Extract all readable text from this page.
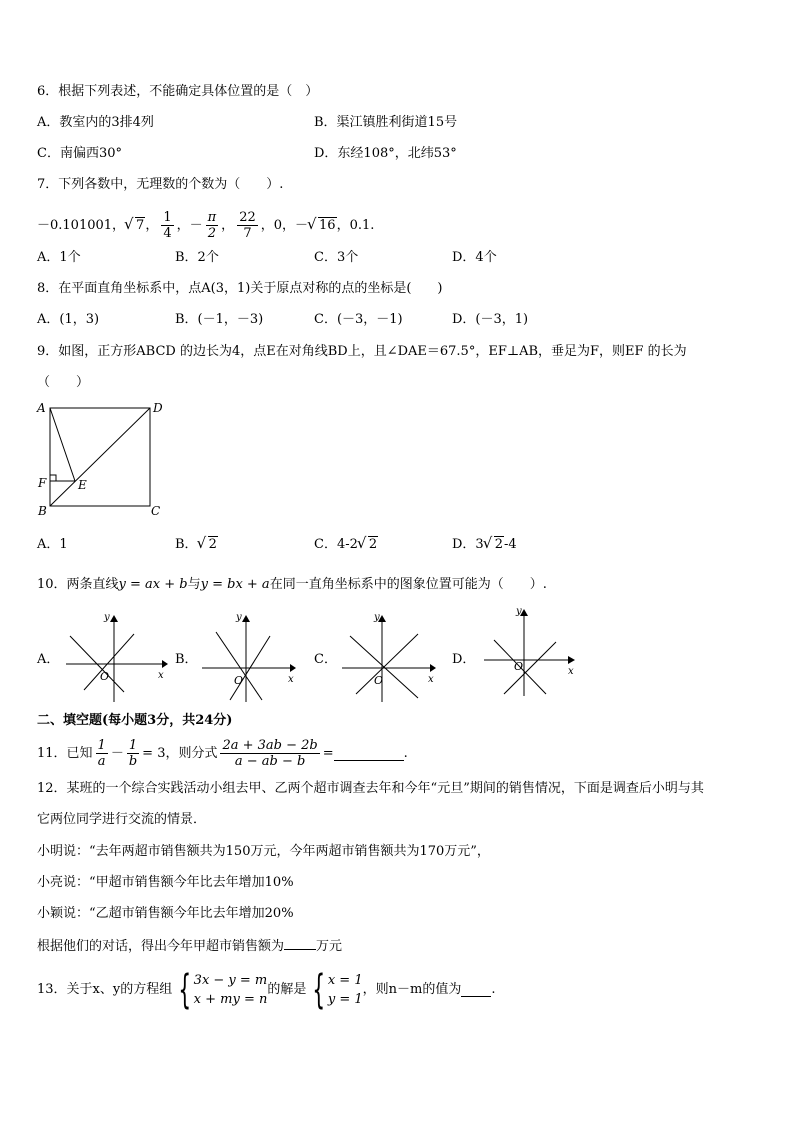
6．根据下列表述，不能确定具体位置的是（　）
A．教室内的3排4列	B．渠江镇胜利街道15号
C．南偏西30°	D．东经108°，北纬53°
7．下列各数中，无理数的个数为（　　）.
－0.101001， √ 7 ， $\frac{1}{4}$ ，－ $\frac{\pi}{2}$ ， $\frac{22}{7}$ ，0，－ √ 16 ，0.1.
A．1个	B．2个	C．3个	D．4个
8．在平面直角坐标系中，点A(3，1)关于原点对称的点的坐标是(　　)
A．(1，3)	B．(－1，－3)	C．(－3，－1)	D．(－3，1)
9．如图，正方形ABCD 的边长为4，点E在对角线BD上，且∠DAE＝67.5°，EF⊥AB，垂足为F，则EF 的长为
（　　）
A	D
F	E
B	C
A．1	B． √ 2	C．4-2 √ 2	D．3 √ 2-4
10．两条直线y = ax + b与y = bx + a在同一直角坐标系中的图象位置可能为（　　）.
A．
y
x
O
B．
y
x
O
C．
y
x
O
D．
y
x
O
二、填空题(每小题3分，共24分)
11．已知 $\frac{1}{a} - \frac{1}{b} = 3$，则分式 $\frac{2a + 3ab - 2b}{a - ab - b}$ =	.
12．某班的一个综合实践活动小组去甲、乙两个超市调查去年和今年“元旦”期间的销售情况，下面是调查后小明与其
它两位同学进行交流的情景．
小明说：“去年两超市销售额共为150万元，今年两超市销售额共为170万元”，
小亮说：“甲超市销售额今年比去年增加10%
小颖说：“乙超市销售额今年比去年增加20%
根据他们的对话，得出今年甲超市销售额为 万元
13．关于x、y的方程组 { 3x − y = m
x + my = n
的解是 { x = 1
y = 1
，则n－m的值为 .
